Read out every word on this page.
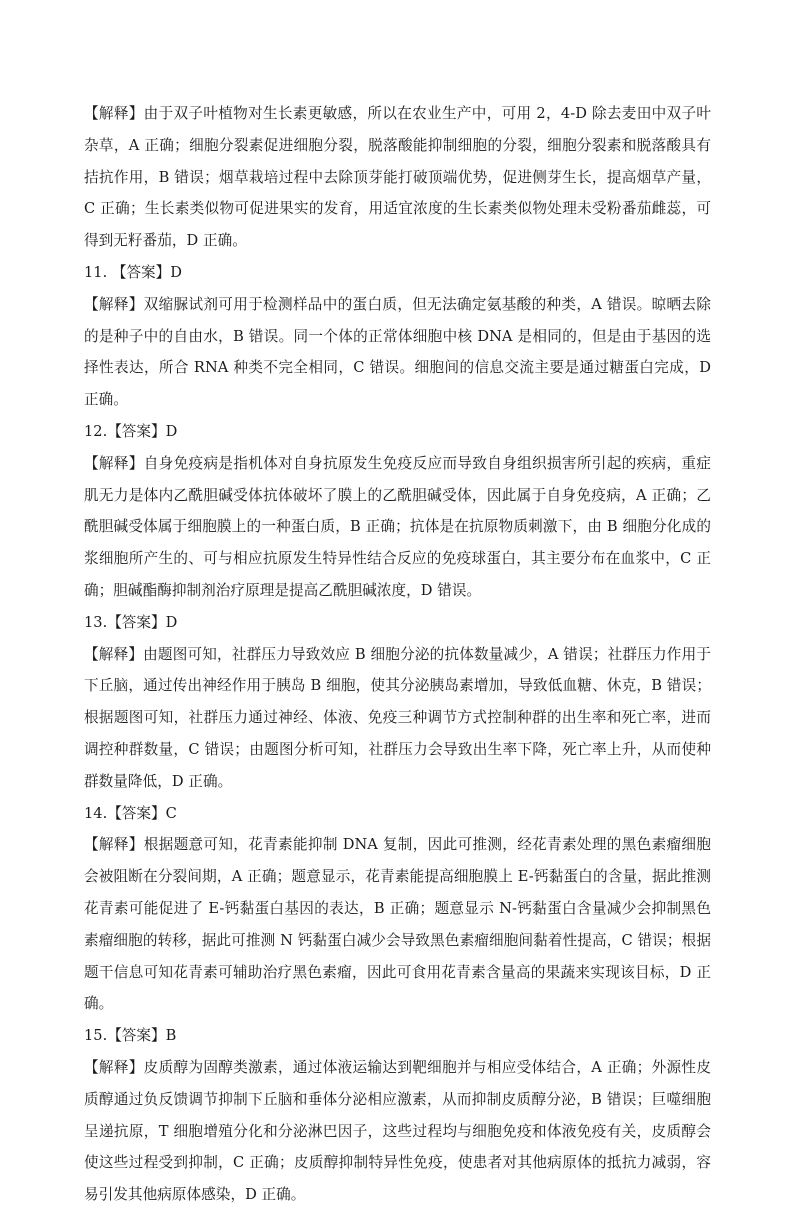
【解释】由于双子叶植物对生长素更敏感，所以在农业生产中，可用 2，4-D 除去麦田中双子叶杂草，A 正确；细胞分裂素促进细胞分裂，脱落酸能抑制细胞的分裂，细胞分裂素和脱落酸具有拮抗作用，B 错误；烟草栽培过程中去除顶芽能打破顶端优势，促进侧芽生长，提高烟草产量，C 正确；生长素类似物可促进果实的发育，用适宜浓度的生长素类似物处理未受粉番茄雌蕊，可得到无籽番茄，D 正确。

11. 【答案】D

【解释】双缩脲试剂可用于检测样品中的蛋白质，但无法确定氨基酸的种类，A 错误。晾晒去除的是种子中的自由水，B 错误。同一个体的正常体细胞中核 DNA 是相同的，但是由于基因的选择性表达，所合 RNA 种类不完全相同，C 错误。细胞间的信息交流主要是通过糖蛋白完成，D 正确。

12.【答案】D

【解释】自身免疫病是指机体对自身抗原发生免疫反应而导致自身组织损害所引起的疾病，重症肌无力是体内乙酰胆碱受体抗体破坏了膜上的乙酰胆碱受体，因此属于自身免疫病，A 正确；乙酰胆碱受体属于细胞膜上的一种蛋白质，B 正确；抗体是在抗原物质刺激下，由 B 细胞分化成的浆细胞所产生的、可与相应抗原发生特异性结合反应的免疫球蛋白，其主要分布在血浆中，C 正确；胆碱酯酶抑制剂治疗原理是提高乙酰胆碱浓度，D 错误。

13.【答案】D

【解释】由题图可知，社群压力导致效应 B 细胞分泌的抗体数量减少，A 错误；社群压力作用于下丘脑，通过传出神经作用于胰岛 B 细胞，使其分泌胰岛素增加，导致低血糖、休克，B 错误；根据题图可知，社群压力通过神经、体液、免疫三种调节方式控制种群的出生率和死亡率，进而调控种群数量，C 错误；由题图分析可知，社群压力会导致出生率下降，死亡率上升，从而使种群数量降低，D 正确。

14.【答案】C

【解释】根据题意可知，花青素能抑制 DNA 复制，因此可推测，经花青素处理的黑色素瘤细胞会被阻断在分裂间期，A 正确；题意显示，花青素能提高细胞膜上 E-钙黏蛋白的含量，据此推测花青素可能促进了 E-钙黏蛋白基因的表达，B 正确；题意显示 N-钙黏蛋白含量减少会抑制黑色素瘤细胞的转移，据此可推测 N 钙黏蛋白减少会导致黑色素瘤细胞间黏着性提高，C 错误；根据题干信息可知花青素可辅助治疗黑色素瘤，因此可食用花青素含量高的果蔬来实现该目标，D 正确。

15.【答案】B

【解释】皮质醇为固醇类激素，通过体液运输达到靶细胞并与相应受体结合，A 正确；外源性皮质醇通过负反馈调节抑制下丘脑和垂体分泌相应激素，从而抑制皮质醇分泌，B 错误；巨噬细胞呈递抗原，T 细胞增殖分化和分泌淋巴因子，这些过程均与细胞免疫和体液免疫有关，皮质醇会使这些过程受到抑制，C 正确；皮质醇抑制特异性免疫，使患者对其他病原体的抵抗力减弱，容易引发其他病原体感染，D 正确。
